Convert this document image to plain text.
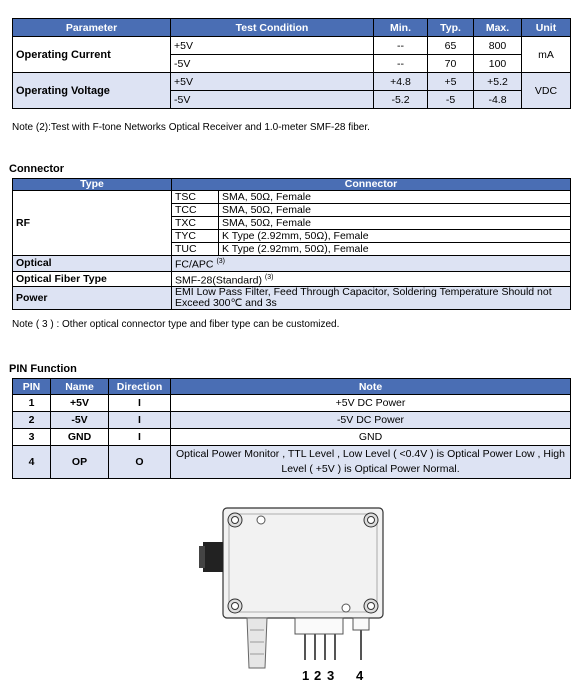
Parameter	Test Condition	Min.	Typ.	Max.	Unit
Operating Current	+5V	--	65	800	mA
	-5V	--	70	100	
Operating Voltage	+5V	+4.8	+5	+5.2	VDC
	-5V	-5.2	-5	-4.8	
Note (2):Test with F-tone Networks Optical Receiver and 1.0-meter SMF-28 fiber.
Connector
Type	Connector	
RF	TSC	SMA, 50Ω, Female
	TCC	SMA, 50Ω, Female
	TXC	SMA, 50Ω, Female
	TYC	K Type (2.92mm, 50Ω), Female
	TUC	K Type (2.92mm, 50Ω), Female
Optical	FC/APC $^{(3)}$
Optical Fiber Type	SMF-28(Standard) $^{(3)}$
Power	EMI Low Pass Filter, Feed Through Capacitor, Soldering Temperature Should not Exceed 300℃ and 3s	
Note ( 3 ) : Other optical connector type and fiber type can be customized.
PIN Function
PIN	Name	Direction	Note
1	+5V	I	+5V DC Power
2	-5V	I	-5V DC Power
3	GND	I	GND
4	OP	O	Optical Power Monitor , TTL Level , Low Level ( <0.4V ) is Optical Power Low , High Level ( +5V ) is Optical Power Normal.
1 2 3 4
